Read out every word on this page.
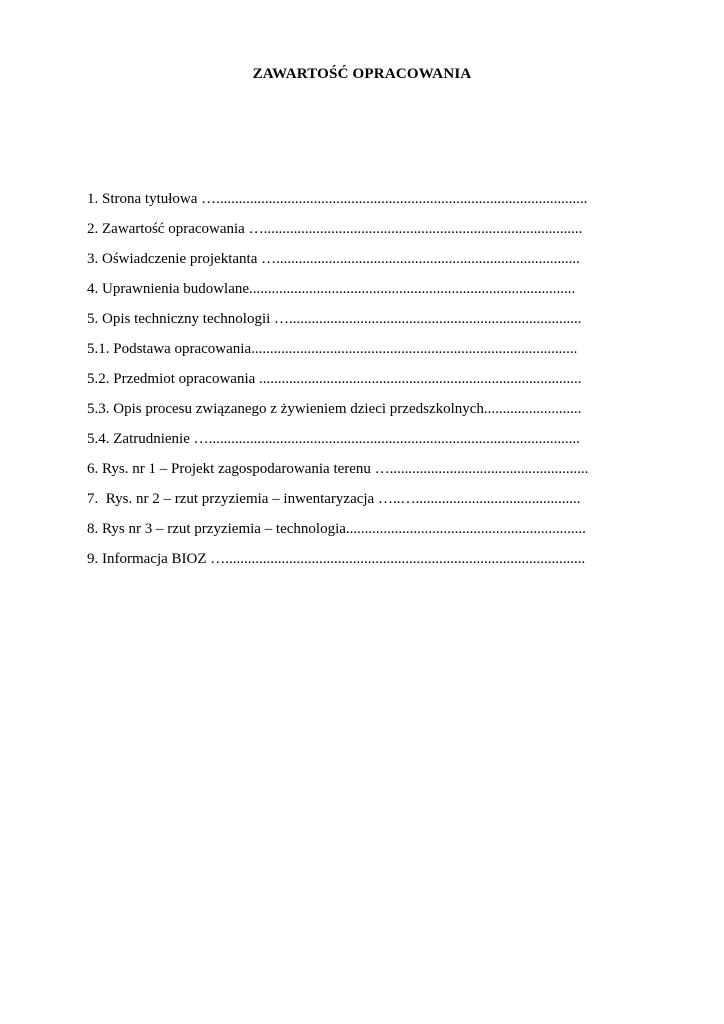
ZAWARTOŚĆ OPRACOWANIA
1. Strona tytułowa …...................................................................................................
2. Zawartość opracowania ….....................................................................................
3. Oświadczenie projektanta ….................................................................................
4. Uprawnienia budowlane.......................................................................................
5. Opis techniczny technologii …..............................................................................
5.1. Podstawa opracowania.......................................................................................
5.2. Przedmiot opracowania ......................................................................................
5.3. Opis procesu związanego z żywieniem dzieci przedszkolnych..........................
5.4. Zatrudnienie …...................................................................................................
6. Rys. nr 1 – Projekt zagospodarowania terenu ….....................................................
7.  Rys. nr 2 – rzut przyziemia – inwentaryzacja …..…............................................
8. Rys nr 3 – rzut przyziemia – technologia................................................................
9. Informacja BIOZ …................................................................................................
